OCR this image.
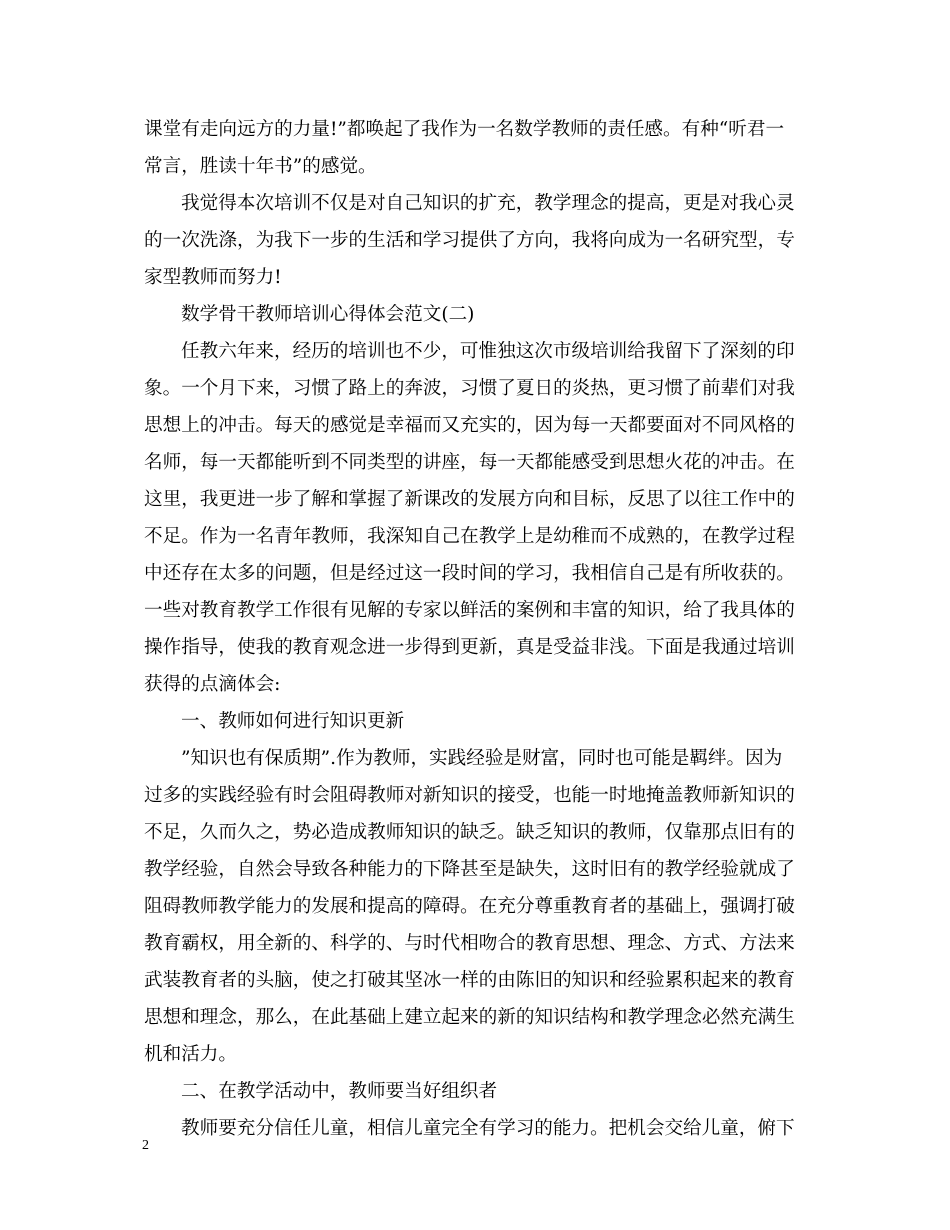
课堂有走向远方的力量!”都唤起了我作为一名数学教师的责任感。有种“听君一
常言，胜读十年书”的感觉。
我觉得本次培训不仅是对自己知识的扩充，教学理念的提高，更是对我心灵
的一次洗涤，为我下一步的生活和学习提供了方向，我将向成为一名研究型，专
家型教师而努力!
数学骨干教师培训心得体会范文(二)
任教六年来，经历的培训也不少，可惟独这次市级培训给我留下了深刻的印
象。一个月下来，习惯了路上的奔波，习惯了夏日的炎热，更习惯了前辈们对我
思想上的冲击。每天的感觉是幸福而又充实的，因为每一天都要面对不同风格的
名师，每一天都能听到不同类型的讲座，每一天都能感受到思想火花的冲击。在
这里，我更进一步了解和掌握了新课改的发展方向和目标，反思了以往工作中的
不足。作为一名青年教师，我深知自己在教学上是幼稚而不成熟的，在教学过程
中还存在太多的问题，但是经过这一段时间的学习，我相信自己是有所收获的。
一些对教育教学工作很有见解的专家以鲜活的案例和丰富的知识，给了我具体的
操作指导，使我的教育观念进一步得到更新，真是受益非浅。下面是我通过培训
获得的点滴体会:
一、教师如何进行知识更新
”知识也有保质期”.作为教师，实践经验是财富，同时也可能是羁绊。因为
过多的实践经验有时会阻碍教师对新知识的接受，也能一时地掩盖教师新知识的
不足，久而久之，势必造成教师知识的缺乏。缺乏知识的教师，仅靠那点旧有的
教学经验，自然会导致各种能力的下降甚至是缺失，这时旧有的教学经验就成了
阻碍教师教学能力的发展和提高的障碍。在充分尊重教育者的基础上，强调打破
教育霸权，用全新的、科学的、与时代相吻合的教育思想、理念、方式、方法来
武装教育者的头脑，使之打破其坚冰一样的由陈旧的知识和经验累积起来的教育
思想和理念，那么，在此基础上建立起来的新的知识结构和教学理念必然充满生
机和活力。
二、在教学活动中，教师要当好组织者
教师要充分信任儿童，相信儿童完全有学习的能力。把机会交给儿童，俯下
2
